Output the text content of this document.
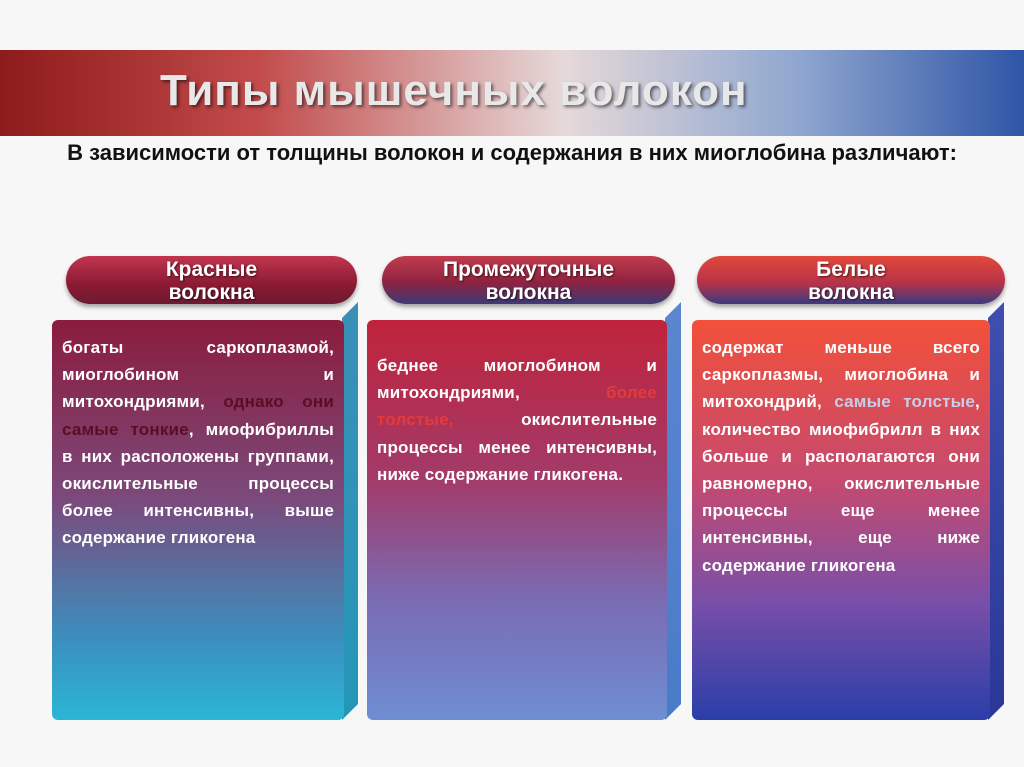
Типы мышечных волокон
В зависимости от толщины волокон и содержания в них миоглобина различают:
Красные
волокна

богаты саркоплазмой, миоглобином и митохондриями, однако они самые тонкие, миофибриллы в них расположены группами, окислительные процессы более интенсивны, выше содержание гликогена

Промежуточные
волокна

беднее миоглобином и митохондриями, более толстые, окислительные процессы менее интенсивны, ниже содержание гликогена.

Белые
волокна

содержат меньше всего саркоплазмы, миоглобина и митохондрий, самые толстые, количество миофибрилл в них больше и располагаются они равномерно, окислительные процессы еще менее интенсивны, еще ниже содержание гликогена
